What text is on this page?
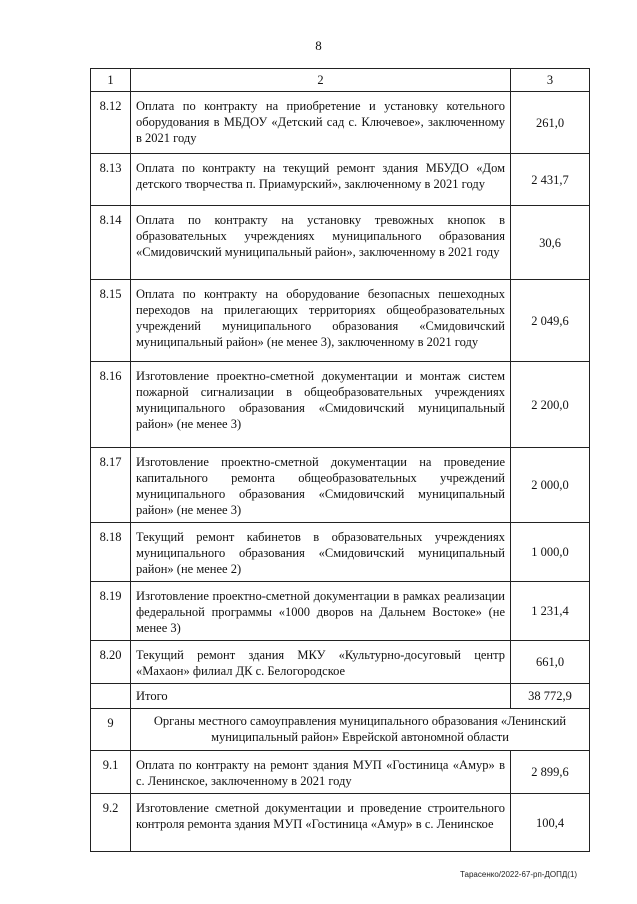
8
1	2	3
8.12	Оплата по контракту на приобретение и установку котельного оборудования в МБДОУ «Детский сад с. Ключевое», заключенному в 2021 году	261,0
8.13	Оплата по контракту на текущий ремонт здания МБУДО «Дом детского творчества п. Приамурский», заключенному в 2021 году	2 431,7
8.14	Оплата по контракту на установку тревожных кнопок в образовательных учреждениях муниципального образования «Смидовичский муниципальный район», заключенному в 2021 году	30,6
8.15	Оплата по контракту на оборудование безопасных пешеходных переходов на прилегающих территориях общеобразовательных учреждений муниципального образования «Смидовичский муниципальный район» (не менее 3), заключенному в 2021 году	2 049,6
8.16	Изготовление проектно-сметной документации и монтаж систем пожарной сигнализации в общеобразовательных учреждениях муниципального образования «Смидовичский муниципальный район» (не менее 3)	2 200,0
8.17	Изготовление проектно-сметной документации на проведение капитального ремонта общеобразовательных учреждений муниципального образования «Смидовичский муниципальный район» (не менее 3)	2 000,0
8.18	Текущий ремонт кабинетов в образовательных учреждениях муниципального образования «Смидовичский муниципальный район» (не менее 2)	1 000,0
8.19	Изготовление проектно-сметной документации в рамках реализации федеральной программы «1000 дворов на Дальнем Востоке» (не менее 3)	1 231,4
8.20	Текущий ремонт здания МКУ «Культурно-досуговый центр «Махаон» филиал ДК с. Белогородское	661,0
	Итого	38 772,9
9	Органы местного самоуправления муниципального образования «Ленинский муниципальный район» Еврейской автономной области	
9.1	Оплата по контракту на ремонт здания МУП «Гостиница «Амур» в с. Ленинское, заключенному в 2021 году	2 899,6
9.2	Изготовление сметной документации и проведение строительного контроля ремонта здания МУП «Гостиница «Амур» в с. Ленинское	100,4
Тарасенко/2022-67-рп-ДОПД(1)
